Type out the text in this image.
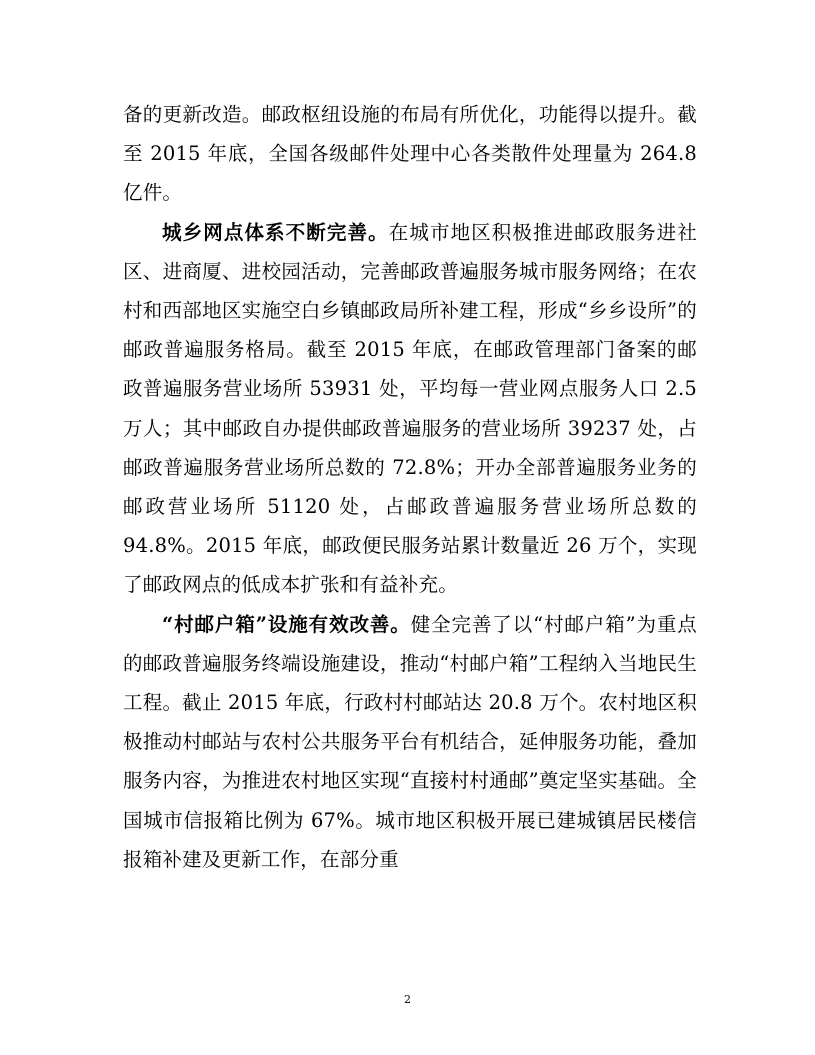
备的更新改造。邮政枢纽设施的布局有所优化，功能得以提升。截至 2015 年底，全国各级邮件处理中心各类散件处理量为 264.8 亿件。

城乡网点体系不断完善。在城市地区积极推进邮政服务进社区、进商厦、进校园活动，完善邮政普遍服务城市服务网络；在农村和西部地区实施空白乡镇邮政局所补建工程，形成“乡乡设所”的邮政普遍服务格局。截至 2015 年底，在邮政管理部门备案的邮政普遍服务营业场所 53931 处，平均每一营业网点服务人口 2.5 万人；其中邮政自办提供邮政普遍服务的营业场所 39237 处，占邮政普遍服务营业场所总数的 72.8%；开办全部普遍服务业务的邮政营业场所 51120 处，占邮政普遍服务营业场所总数的 94.8%。2015 年底，邮政便民服务站累计数量近 26 万个，实现了邮政网点的低成本扩张和有益补充。

“村邮户箱”设施有效改善。健全完善了以“村邮户箱”为重点的邮政普遍服务终端设施建设，推动“村邮户箱”工程纳入当地民生工程。截止 2015 年底，行政村村邮站达 20.8 万个。农村地区积极推动村邮站与农村公共服务平台有机结合，延伸服务功能，叠加服务内容，为推进农村地区实现“直接村村通邮”奠定坚实基础。全国城市信报箱比例为 67%。城市地区积极开展已建城镇居民楼信报箱补建及更新工作，在部分重

2
